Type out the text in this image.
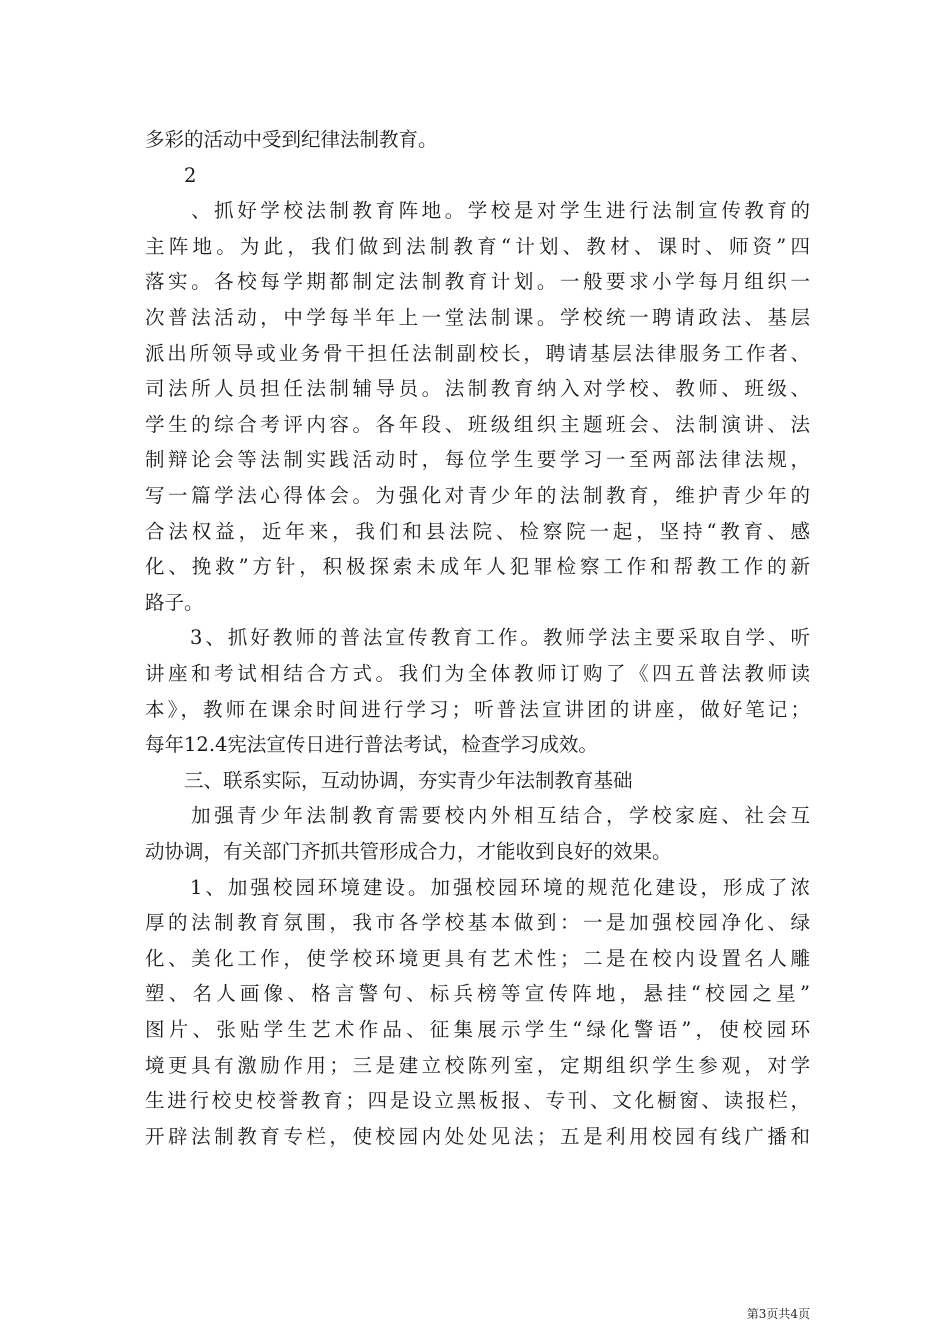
多彩的活动中受到纪律法制教育。
　　2
　　、抓好学校法制教育阵地。学校是对学生进行法制宣传教育的
主阵地。为此，我们做到法制教育“计划、教材、课时、师资”四
落实。各校每学期都制定法制教育计划。一般要求小学每月组织一
次普法活动，中学每半年上一堂法制课。学校统一聘请政法、基层
派出所领导或业务骨干担任法制副校长，聘请基层法律服务工作者、
司法所人员担任法制辅导员。法制教育纳入对学校、教师、班级、
学生的综合考评内容。各年段、班级组织主题班会、法制演讲、法
制辩论会等法制实践活动时，每位学生要学习一至两部法律法规，
写一篇学法心得体会。为强化对青少年的法制教育，维护青少年的
合法权益，近年来，我们和县法院、检察院一起，坚持“教育、感
化、挽救”方针，积极探索未成年人犯罪检察工作和帮教工作的新
路子。
　　3、抓好教师的普法宣传教育工作。教师学法主要采取自学、听
讲座和考试相结合方式。我们为全体教师订购了《四五普法教师读
本》，教师在课余时间进行学习；听普法宣讲团的讲座，做好笔记；
每年12.4宪法宣传日进行普法考试，检查学习成效。
　　三、联系实际，互动协调，夯实青少年法制教育基础
　　加强青少年法制教育需要校内外相互结合，学校家庭、社会互
动协调，有关部门齐抓共管形成合力，才能收到良好的效果。
　　1、加强校园环境建设。加强校园环境的规范化建设，形成了浓
厚的法制教育氛围，我市各学校基本做到：一是加强校园净化、绿
化、美化工作，使学校环境更具有艺术性；二是在校内设置名人雕
塑、名人画像、格言警句、标兵榜等宣传阵地，悬挂“校园之星”
图片、张贴学生艺术作品、征集展示学生“绿化警语”，使校园环
境更具有激励作用；三是建立校陈列室，定期组织学生参观，对学
生进行校史校誉教育；四是设立黑板报、专刊、文化橱窗、读报栏，
开辟法制教育专栏，使校园内处处见法；五是利用校园有线广播和
第3页共4页
